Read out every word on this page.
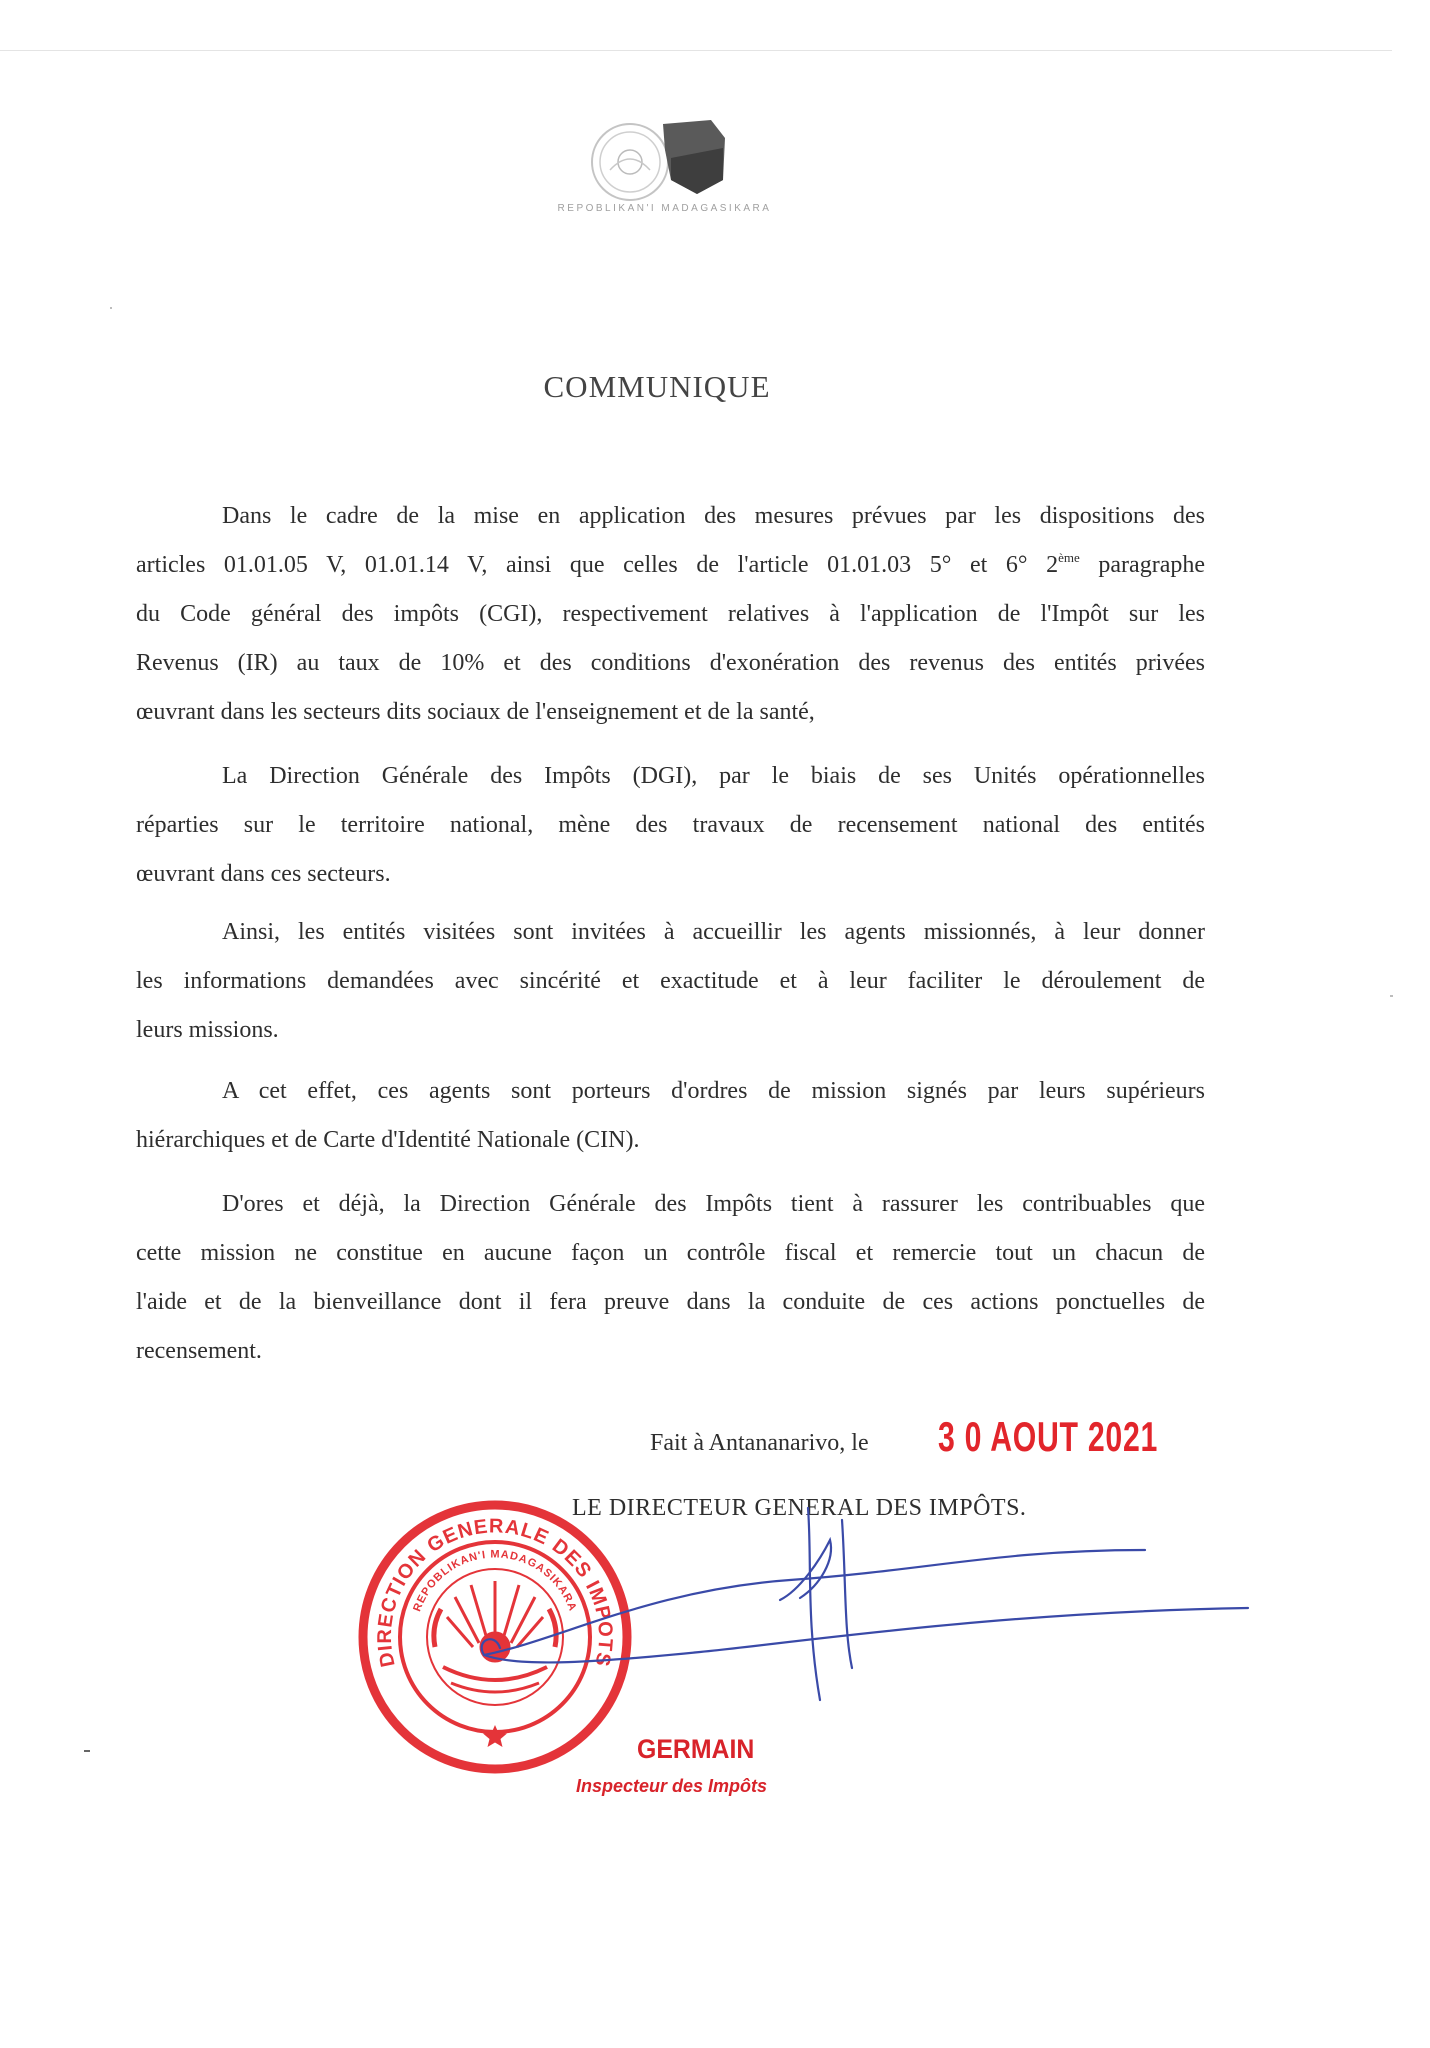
REPOBLIKAN'I MADAGASIKARA
COMMUNIQUE
Dans le cadre de la mise en application des mesures prévues par les dispositions des
articles 01.01.05 V, 01.01.14 V, ainsi que celles de l'article 01.01.03 5° et 6° 2ème paragraphe
du Code général des impôts (CGI), respectivement relatives à l'application de l'Impôt sur les
Revenus (IR) au taux de 10% et des conditions d'exonération des revenus des entités privées
œuvrant dans les secteurs dits sociaux de l'enseignement et de la santé,
La Direction Générale des Impôts (DGI), par le biais de ses Unités opérationnelles
réparties sur le territoire national, mène des travaux de recensement national des entités
œuvrant dans ces secteurs.
Ainsi, les entités visitées sont invitées à accueillir les agents missionnés, à leur donner
les informations demandées avec sincérité et exactitude et à leur faciliter le déroulement de
leurs missions.
A cet effet, ces agents sont porteurs d'ordres de mission signés par leurs supérieurs
hiérarchiques et de Carte d'Identité Nationale (CIN).
D'ores et déjà, la Direction Générale des Impôts tient à rassurer les contribuables que
cette mission ne constitue en aucune façon un contrôle fiscal et remercie tout un chacun de
l'aide et de la bienveillance dont il fera preuve dans la conduite de ces actions ponctuelles de
recensement.
Fait à Antananarivo, le 3 0 AOUT 2021
LE DIRECTEUR GENERAL DES IMPÔTS.
DIRECTION GENERALE DES IMPOTS
REPOBLIKAN'I MADAGASIKARA
GERMAIN
Inspecteur des Impôts
